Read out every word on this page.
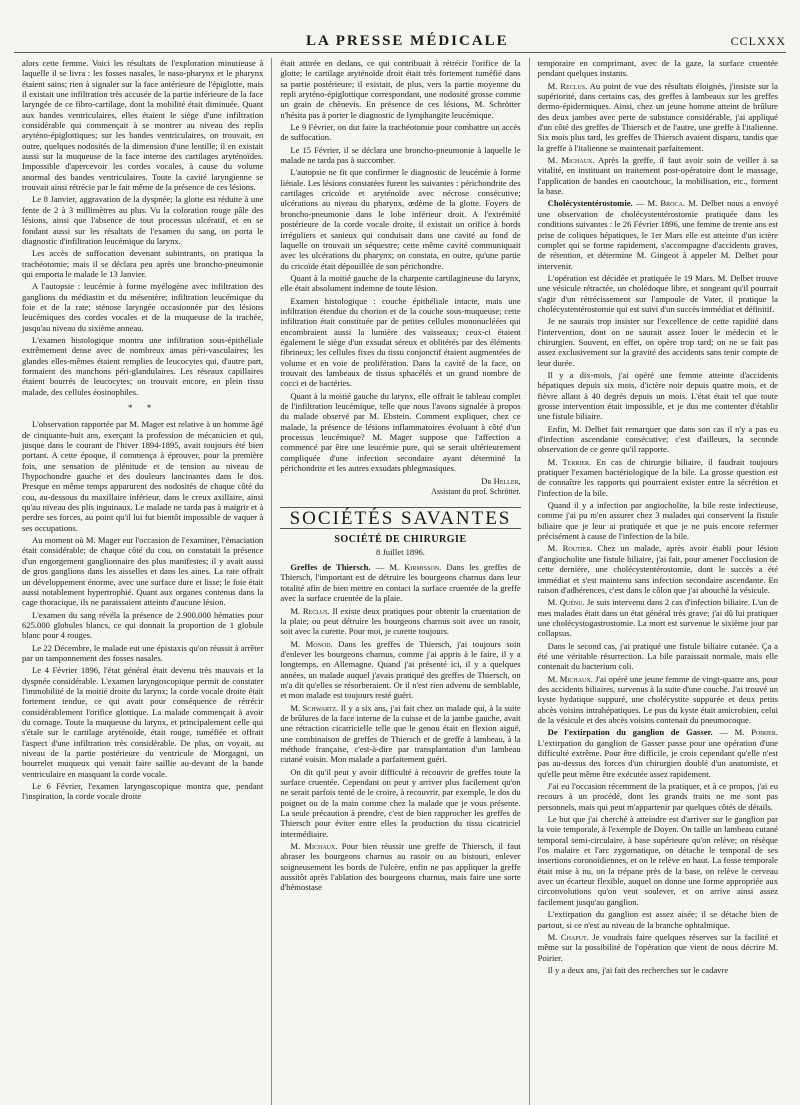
LA PRESSE MÉDICALE	CCLXXX

alors cette femme. Voici les résultats de l'exploration minutieuse à laquelle il se livra : les fosses nasales, le naso-pharynx et le pharynx étaient sains; rien à signaler sur la face antérieure de l'épiglotte, mais il existait une infiltration très accusée de la partie inférieure de la face laryngée de ce fibro-cartilage, dont la mobilité était diminuée. Quant aux bandes ventriculaires, elles étaient le siège d'une infiltration considérable qui commençait à se montrer au niveau des replis aryténo-épiglottiques; sur les bandes ventriculaires, on trouvait, en outre, quelques nodosités de la dimension d'une lentille; il en existait aussi sur la muqueuse de la face interne des cartilages aryténoïdes. Impossible d'apercevoir les cordes vocales, à cause du volume anormal des bandes ventriculaires. Toute la cavité laryngienne se trouvait ainsi rétrécie par le fait même de la présence de ces lésions.

Le 8 Janvier, aggravation de la dyspnée; la glotte est réduite à une fente de 2 à 3 millimètres au plus. Vu la coloration rouge pâle des lésions, ainsi que l'absence de tout processus ulcératif, et en se fondant aussi sur les résultats de l'examen du sang, on porta le diagnostic d'infiltration leucémique du larynx.

Les accès de suffocation devenant subintrants, on pratiqua la trachéotomie; mais il se déclara peu après une broncho-pneumonie qui emporta le malade le 13 Janvier.

A l'autopsie : leucémie à forme myélogène avec infiltration des ganglions du médiastin et du mésentère; infiltration leucémique du foie et de la rate; sténose laryngée occasionnée par des lésions leucémiques des cordes vocales et de la muqueuse de la trachée, jusqu'au niveau du sixième anneau.

L'examen histologique montra une infiltration sous-épithéliale extrêmement dense avec de nombreux amas péri-vasculaires; les glandes elles-mêmes étaient remplies de leucocytes qui, d'autre part, formaient des manchons péri-glandulaires. Les réseaux capillaires étaient bourrés de leucocytes; on trouvait encore, en plein tissu malade, des cellules éosinophiles.

* *

L'observation rapportée par M. Mager est relative à un homme âgé de cinquante-huit ans, exerçant la profession de mécanicien et qui, jusque dans le courant de l'hiver 1894-1895, avait toujours été bien portant. A cette époque, il commença à éprouver, pour la première fois, une sensation de plénitude et de tension au niveau de l'hypochondre gauche et des douleurs lancinantes dans le dos. Presque en même temps apparurent des nodosités de chaque côté du cou, au-dessous du maxillaire inférieur, dans le creux axillaire, ainsi qu'au niveau des plis inguinaux. Le malade ne tarda pas à maigrir et à perdre ses forces, au point qu'il lui fut bientôt impossible de vaquer à ses occupations.

Au moment où M. Mager eut l'occasion de l'examiner, l'émaciation était considérable; de chaque côté du cou, on constatait la présence d'un engorgement ganglionnaire des plus manifestes; il y avait aussi de gros ganglions dans les aisselles et dans les aines. La rate offrait un développement énorme, avec une surface dure et lisse; le foie était aussi notablement hypertrophié. Quant aux organes contenus dans la cage thoracique, ils ne paraissaient atteints d'aucune lésion.

L'examen du sang révéla la présence de 2.900.000 hématies pour 625.000 globules blancs, ce qui donnait la proportion de 1 globule blanc pour 4 rouges.

Le 22 Décembre, le malade eut une épistaxis qu'on réussit à arrêter par un tamponnement des fosses nasales.

Le 4 Février 1896, l'état général était devenu très mauvais et la dyspnée considérable. L'examen laryngoscopique permit de constater l'immobilité de la moitié droite du larynx; la corde vocale droite était fortement tendue, ce qui avait pour conséquence de rétrécir considérablement l'orifice glottique. La malade commençait à avoir du cornage. Toute la muqueuse du larynx, et principalement celle qui s'étale sur le cartilage aryténoïde, était rouge, tuméfiée et offrait l'aspect d'une infiltration très considérable. De plus, on voyait, au niveau de la partie postérieure du ventricule de Morgagni, un bourrelet muqueux qui venait faire saillie au-devant de la bande ventriculaire en masquant la corde vocale.

Le 6 Février, l'examen laryngoscopique montra que, pendant l'inspiration, la corde vocale droite

était attirée en dedans, ce qui contribuait à rétrécir l'orifice de la glotte; le cartilage aryténoïde droit était très fortement tuméfié dans sa partie postérieure; il existait, de plus, vers la partie moyenne du repli aryténo-épiglottique correspondant, une nodosité grosse comme un grain de chènevis. En présence de ces lésions, M. Schrötter n'hésita pas à porter le diagnostic de lymphangite leucémique.

Le 9 Février, on dut faire la trachéotomie pour combattre un accès de suffocation.

Le 15 Février, il se déclara une broncho-pneumonie à laquelle le malade ne tarda pas à succomber.

L'autopsie ne fit que confirmer le diagnostic de leucémie à forme liénale. Les lésions constatées furent les suivantes : périchondrite des cartilages cricoïde et aryténoïde avec nécrose consécutive; ulcérations au niveau du pharynx, œdème de la glotte. Foyers de broncho-pneumonie dans le lobe inférieur droit. A l'extrémité postérieure de la corde vocale droite, il existait un orifice à bords irréguliers et sanieux qui conduisait dans une cavité au fond de laquelle on trouvait un séquestre; cette même cavité communiquait avec les ulcérations du pharynx; on constata, en outre, qu'une partie du cricoïde était dépouillée de son périchondre.

Quant à la moitié gauche de la charpente cartilagineuse du larynx, elle était absolument indemne de toute lésion.

Examen histologique : couche épithéliale intacte, mais une infiltration étendue du chorion et de la couche sous-muqueuse; cette infiltration était constituée par de petites cellules mononucléées qui encombraient aussi la lumière des vaisseaux; ceux-ci étaient également le siège d'un exsudat séreux et oblitérés par des éléments fibrineux; les cellules fixes du tissu conjonctif étaient augmentées de volume et en voie de prolifération. Dans la cavité de la face, on trouvait des lambeaux de tissus sphacélés et un grand nombre de cocci et de bactéries.

Quant à la moitié gauche du larynx, elle offrait le tableau complet de l'infiltration leucémique, telle que nous l'avons signalée à propos du malade observé par M. Ebstein. Comment expliquer, chez ce malade, la présence de lésions inflammatoires évoluant à côté d'un processus leucémique? M. Mager suppose que l'affection a commencé par être une leucémie pure, qui se serait ultérieurement compliquée d'une infection secondaire ayant déterminé la périchondrite et les autres exsudats phlegmasiques.

Dr Heller,
Assistant du prof. Schrötter.
SOCIÉTÉS SAVANTES
SOCIÉTÉ DE CHIRURGIE
8 Juillet 1896.

Greffes de Thiersch. — M. Kirmisson. Dans les greffes de Thiersch, l'important est de détruire les bourgeons charnus dans leur totalité afin de bien mettre en contact la surface cruentée de la greffe avec la surface cruentée de la plaie.

M. Reclus. Il existe deux pratiques pour obtenir la cruentation de la plaie; ou peut détruire les bourgeons charnus soit avec un rasoir, soit avec la curette. Pour moi, je curette toujours.

M. Monod. Dans les greffes de Thiersch, j'ai toujours soin d'enlever les bourgeons charnus, comme j'ai appris à le faire, il y a longtemps, en Allemagne. Quand j'ai présenté ici, il y a quelques années, un malade auquel j'avais pratiqué des greffes de Thiersch, on m'a dit qu'elles se résorberaient. Or il n'est rien advenu de semblable, et mon malade est toujours resté guéri.

M. Schwartz. Il y a six ans, j'ai fait chez un malade qui, à la suite de brûlures de la face interne de la cuisse et de la jambe gauche, avait une rétraction cicatricielle telle que le genou était en flexion aiguë, une combinaison de greffes de Thiersch et de greffe à lambeau, à la méthode française, c'est-à-dire par transplantation d'un lambeau cutané voisin. Mon malade a parfaitement guéri.

On dit qu'il peut y avoir difficulté à recouvrir de greffes toute la surface cruentée. Cependant on peut y arriver plus facilement qu'on ne serait parfois tenté de le croire, à recouvrir, par exemple, le dos du poignet ou de la main comme chez la malade que je vous présente. La seule précaution à prendre, c'est de bien rapprocher les greffes de Thiersch pour éviter entre elles la production du tissu cicatriciel intermédiaire.

M. Michaux. Pour bien réussir une greffe de Thiersch, il faut abraser les bourgeons charnus au rasoir ou au bistouri, enlever soigneusement les bords de l'ulcère, enfin ne pas appliquer la greffe aussitôt après l'ablation des bourgeons charnus, mais faire une sorte d'hémostase

temporaire en comprimant, avec de la gaze, la surface cruentée pendant quelques instants.

M. Reclus. Au point de vue des résultats éloignés, j'insiste sur la supériorité, dans certains cas, des greffes à lambeaux sur les greffes dermo-épidermiques. Ainsi, chez un jeune homme atteint de brûlure des deux jambes avec perte de substance considérable, j'ai appliqué d'un côté des greffes de Thiersch et de l'autre, une greffe à l'italienne. Six mois plus tard, les greffes de Thiersch avaient disparu, tandis que la greffe à l'italienne se maintenait parfaitement.

M. Michaux. Après la greffe, il faut avoir soin de veiller à sa vitalité, en instituant un traitement post-opératoire dont le massage, l'application de bandes en caoutchouc, la mobilisation, etc., forment la base.

Cholécystentérostomie. — M. Broca. M. Delbet nous a envoyé une observation de cholécystentérostomie pratiquée dans les conditions suivantes : le 26 Février 1896, une femme de trente ans est prise de coliques hépatiques, le 1er Mars elle est atteinte d'un ictère complet qui se forme rapidement, s'accompagne d'accidents graves, de rétention, et détermine M. Gingeot à appeler M. Delbet pour intervenir.

L'opération est décidée et pratiquée le 19 Mars. M. Delbet trouve une vésicule rétractée, un cholédoque libre, et songeant qu'il pourrait s'agir d'un rétrécissement sur l'ampoule de Vater, il pratique la cholécystentérostomie qui est suivi d'un succès immédiat et définitif.

Je ne saurais trop insister sur l'excellence de cette rapidité dans l'intervention, dont on ne saurait assez louer le médecin et le chirurgien. Souvent, en effet, on opère trop tard; on ne se fait pas assez exclusivement sur la gravité des accidents sans tenir compte de leur durée.

Il y a dix-mois, j'ai opéré une femme atteinte d'accidents hépatiques depuis six mois, d'ictère noir depuis quatre mois, et de fièvre allant à 40 degrés depuis un mois. L'état était tel que toute grosse intervention était impossible, et je dus me contenter d'établir une fistule biliaire.

Enfin, M. Delbet fait remarquer que dans son cas il n'y a pas eu d'infection ascendante consécutive; c'est d'ailleurs, la seconde observation de ce genre qu'il rapporte.

M. Terrier. En cas de chirurgie biliaire, il faudrait toujours pratiquer l'examen bactériologique de la bile. La grosse question est de connaître les rapports qui pourraient exister entre la sécrétion et l'infection de la bile.

Quand il y a infection par angiocholite, la bile reste infectieuse, comme j'ai pu m'en assurer chez 3 malades qui conservent la fistule biliaire que je leur ai pratiquée et que je ne puis encore refermer précisément à cause de l'infection de la bile.

M. Routier. Chez un malade, après avoir établi pour lésion d'angiocholite une fistule biliaire, j'ai fait, pour amener l'occlusion de cette dernière, une cholécystentérostomie, dont le succès a été immédiat et s'est maintenu sans infection secondaire ascendante. En raison d'adhérences, c'est dans le côlon que j'ai abouché la vésicule.

M. Quénu. Je suis intervenu dans 2 cas d'infection biliaire. L'un de mes malades était dans un état général très grave; j'ai dû lui pratiquer une cholécystogastrostomie. La mort est survenue le sixième jour par collapsus.

Dans le second cas, j'ai pratiqué une fistule biliaire cutanée. Ça a été une véritable résurrection. La bile paraissait normale, mais elle contenait du bacterium coli.

M. Michaux. J'ai opéré une jeune femme de vingt-quatre ans, pour des accidents biliaires, survenus à la suite d'une couche. J'ai trouvé un kyste hydatique suppuré, une cholécystite suppurée et deux petits abcès voisins intrahépatiques. Le pus du kyste était amicrobien, celui de la vésicule et des abcès voisins contenait du pneumocoque.

De l'extirpation du ganglion de Gasser. — M. Poirier. L'extirpation du ganglion de Gasser passe pour une opération d'une difficulté extrême. Pour être difficile, je crois cependant qu'elle n'est pas au-dessus des forces d'un chirurgien doublé d'un anatomiste, et qu'elle peut même être exécutée assez rapidement.

J'ai eu l'occasion récemment de la pratiquer, et à ce propos, j'ai eu recours à un procédé, dont les grands traits ne me sont pas personnels, mais qui peut m'appartenir par quelques côtés de détails.

Le but que j'ai cherché à atteindre est d'arriver sur le ganglion par la voie temporale, à l'exemple de Doyen. On taille un lambeau cutané temporal semi-circulaire, à base supérieure qu'on relève; on résèque l'os malaire et l'arc zygomatique, on détache le temporal de ses insertions coronoïdiennes, et on le relève en haut. La fosse temporale était mise à nu, on la trépane près de la base, on relève le cerveau avec un écarteur flexible, auquel on donne une forme appropriée aux circonvolutions qu'on veut soulever, et on arrive ainsi assez facilement jusqu'au ganglion.

L'extirpation du ganglion est assez aisée; il se détache bien de partout, si ce n'est au niveau de la branche ophtalmique.

M. Chaput. Je voudrais faire quelques réserves sur la facilité et même sur la possibilité de l'opération que vient de nous décrire M. Poirier.

Il y a deux ans, j'ai fait des recherches sur le cadavre
